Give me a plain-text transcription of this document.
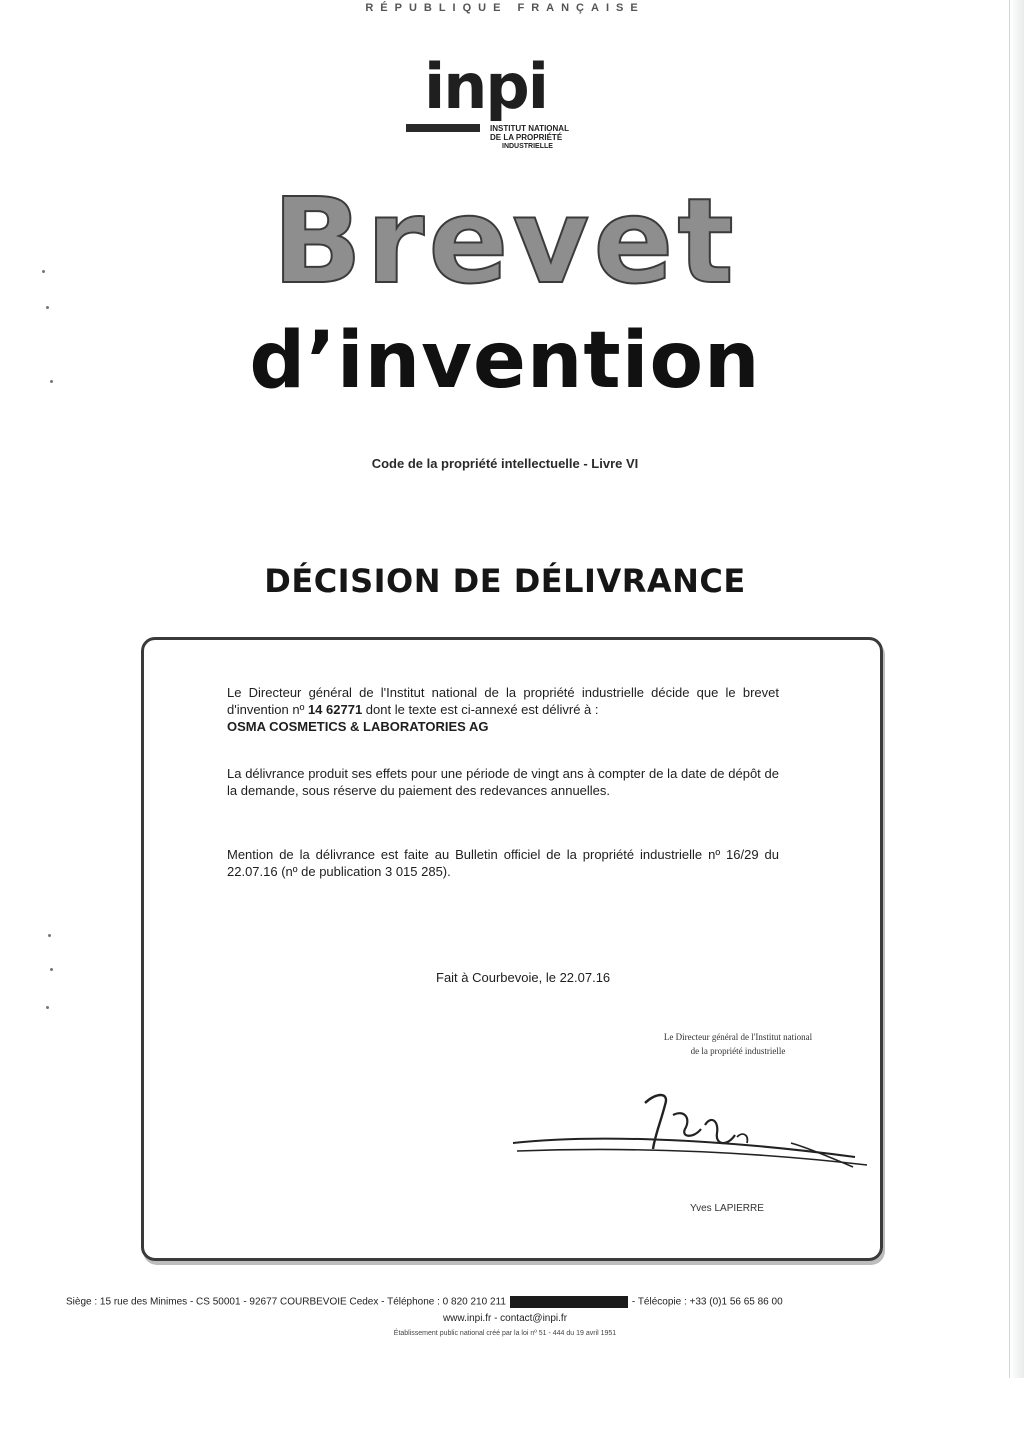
RÉPUBLIQUE FRANÇAISE
inpi
INSTITUT NATIONAL
DE LA PROPRIÉTÉ
INDUSTRIELLE
Brevet
d’invention
Code de la propriété intellectuelle - Livre VI
DÉCISION DE DÉLIVRANCE
Le Directeur général de l'Institut national de la propriété industrielle décide que le brevet d'invention nº 14 62771 dont le texte est ci-annexé est délivré à :
OSMA COSMETICS & LABORATORIES AG
La délivrance produit ses effets pour une période de vingt ans à compter de la date de dépôt de la demande, sous réserve du paiement des redevances annuelles.
Mention de la délivrance est faite au Bulletin officiel de la propriété industrielle nº 16/29 du 22.07.16 (nº de publication 3 015 285).
Fait à Courbevoie, le 22.07.16
Le Directeur général de l'Institut national
de la propriété industrielle
Yves LAPIERRE
Siège : 15 rue des Minimes - CS 50001 - 92677 COURBEVOIE Cedex - Téléphone : 0 820 210 211	- Télécopie : +33 (0)1 56 65 86 00
www.inpi.fr - contact@inpi.fr
Établissement public national créé par la loi nº 51 - 444 du 19 avril 1951
